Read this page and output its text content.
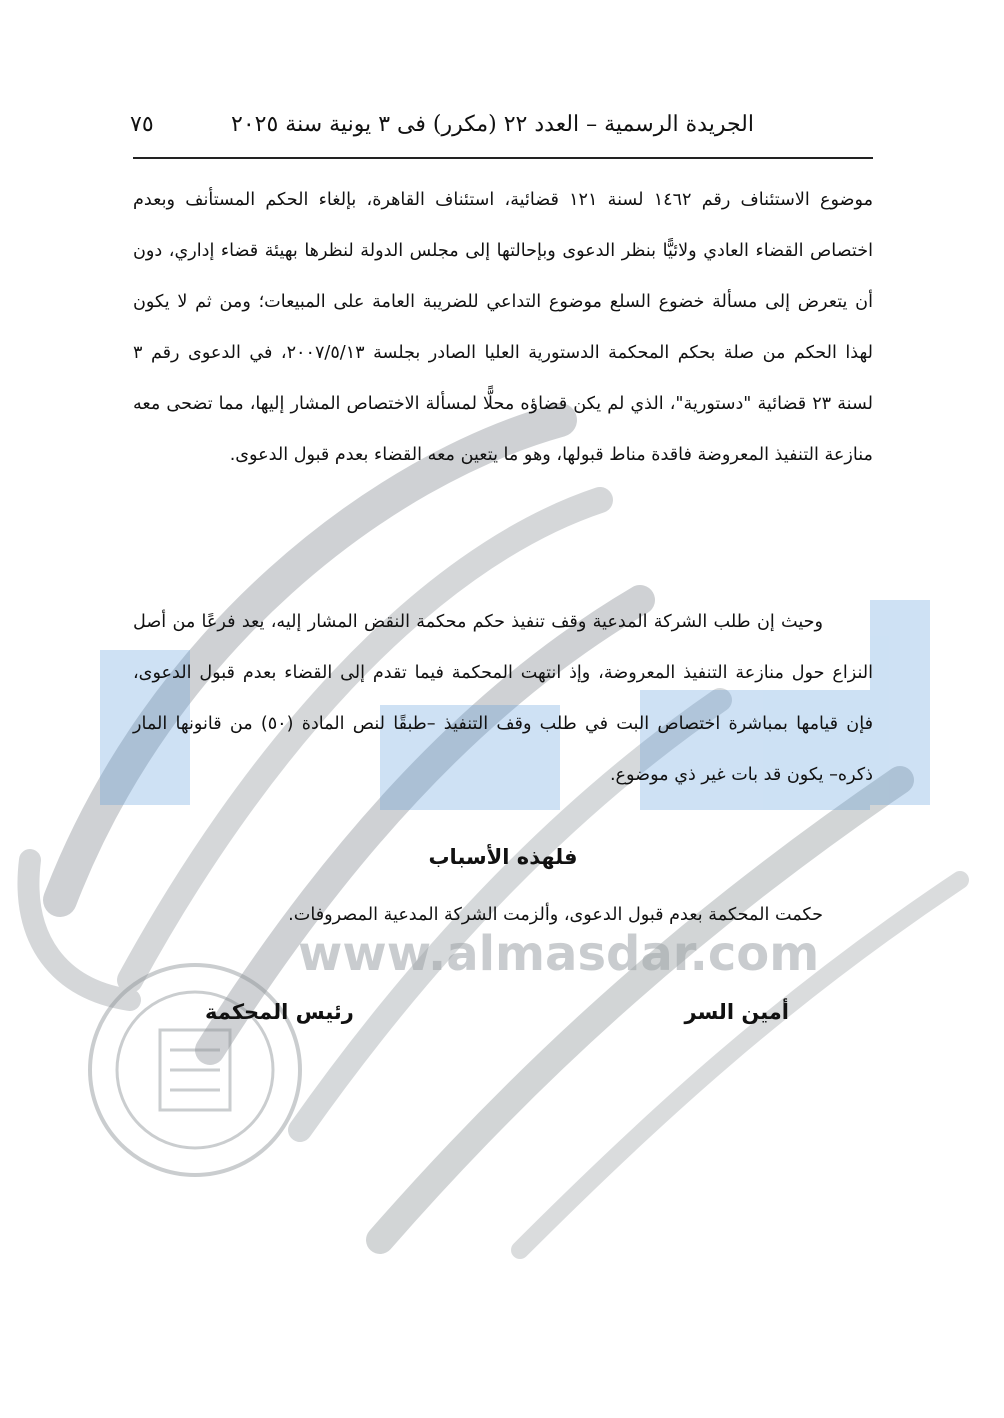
www.almasdar.com
الجريدة الرسمية – العدد ٢٢ (مكرر) فى ٣ يونية سنة ٢٠٢٥
٧٥
موضوع الاستئناف رقم ١٤٦٢ لسنة ١٢١ قضائية، استئناف القاهرة، بإلغاء الحكم المستأنف وبعدم اختصاص القضاء العادي ولائيًّا بنظر الدعوى وبإحالتها إلى مجلس الدولة لنظرها بهيئة قضاء إداري، دون أن يتعرض إلى مسألة خضوع السلع موضوع التداعي للضريبة العامة على المبيعات؛ ومن ثم لا يكون لهذا الحكم من صلة بحكم المحكمة الدستورية العليا الصادر بجلسة ٢٠٠٧/٥/١٣، في الدعوى رقم ٣ لسنة ٢٣ قضائية "دستورية"، الذي لم يكن قضاؤه محلًّا لمسألة الاختصاص المشار إليها، مما تضحى معه منازعة التنفيذ المعروضة فاقدة مناط قبولها، وهو ما يتعين معه القضاء بعدم قبول الدعوى.
وحيث إن طلب الشركة المدعية وقف تنفيذ حكم محكمة النقض المشار إليه، يعد فرعًا من أصل النزاع حول منازعة التنفيذ المعروضة، وإذ انتهت المحكمة فيما تقدم إلى القضاء بعدم قبول الدعوى، فإن قيامها بمباشرة اختصاص البت في طلب وقف التنفيذ –طبقًا لنص المادة (٥٠) من قانونها المار ذكره– يكون قد بات غير ذي موضوع.
فلهذه الأسباب
حكمت المحكمة بعدم قبول الدعوى، وألزمت الشركة المدعية المصروفات.
أمين السر
رئيس المحكمة
